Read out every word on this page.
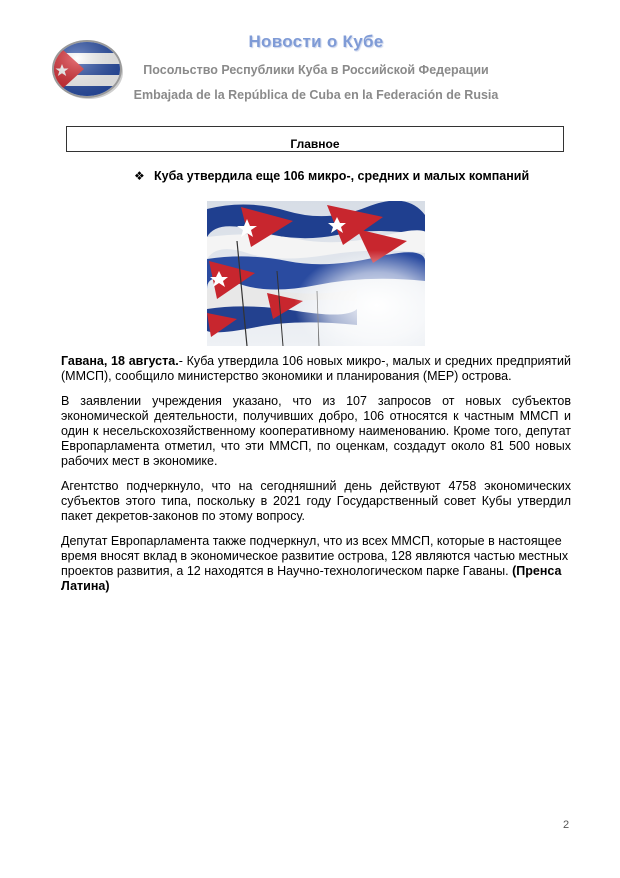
Новости о Кубе
Посольство Республики Куба в Российской Федерации
Embajada de la República de Cuba en la Federación de Rusia
Главное
❖ Куба утвердила еще 106 микро-, средних и малых компаний

Гавана, 18 августа.- Куба утвердила 106 новых микро-, малых и средних предприятий (ММСП), сообщило министерство экономики и планирования (МЕР) острова.

В заявлении учреждения указано, что из 107 запросов от новых субъектов экономической деятельности, получивших добро, 106 относятся к частным ММСП и один к несельскохозяйственному кооперативному наименованию. Кроме того, депутат Европарламента отметил, что эти ММСП, по оценкам, создадут около 81 500 новых рабочих мест в экономике.

Агентство подчеркнуло, что на сегодняшний день действуют 4758 экономических субъектов этого типа, поскольку в 2021 году Государственный совет Кубы утвердил пакет декретов-законов по этому вопросу.

Депутат Европарламента также подчеркнул, что из всех ММСП, которые в настоящее время вносят вклад в экономическое развитие острова, 128 являются частью местных проектов развития, а 12 находятся в Научно-технологическом парке Гаваны. (Пренса Латина)

2
